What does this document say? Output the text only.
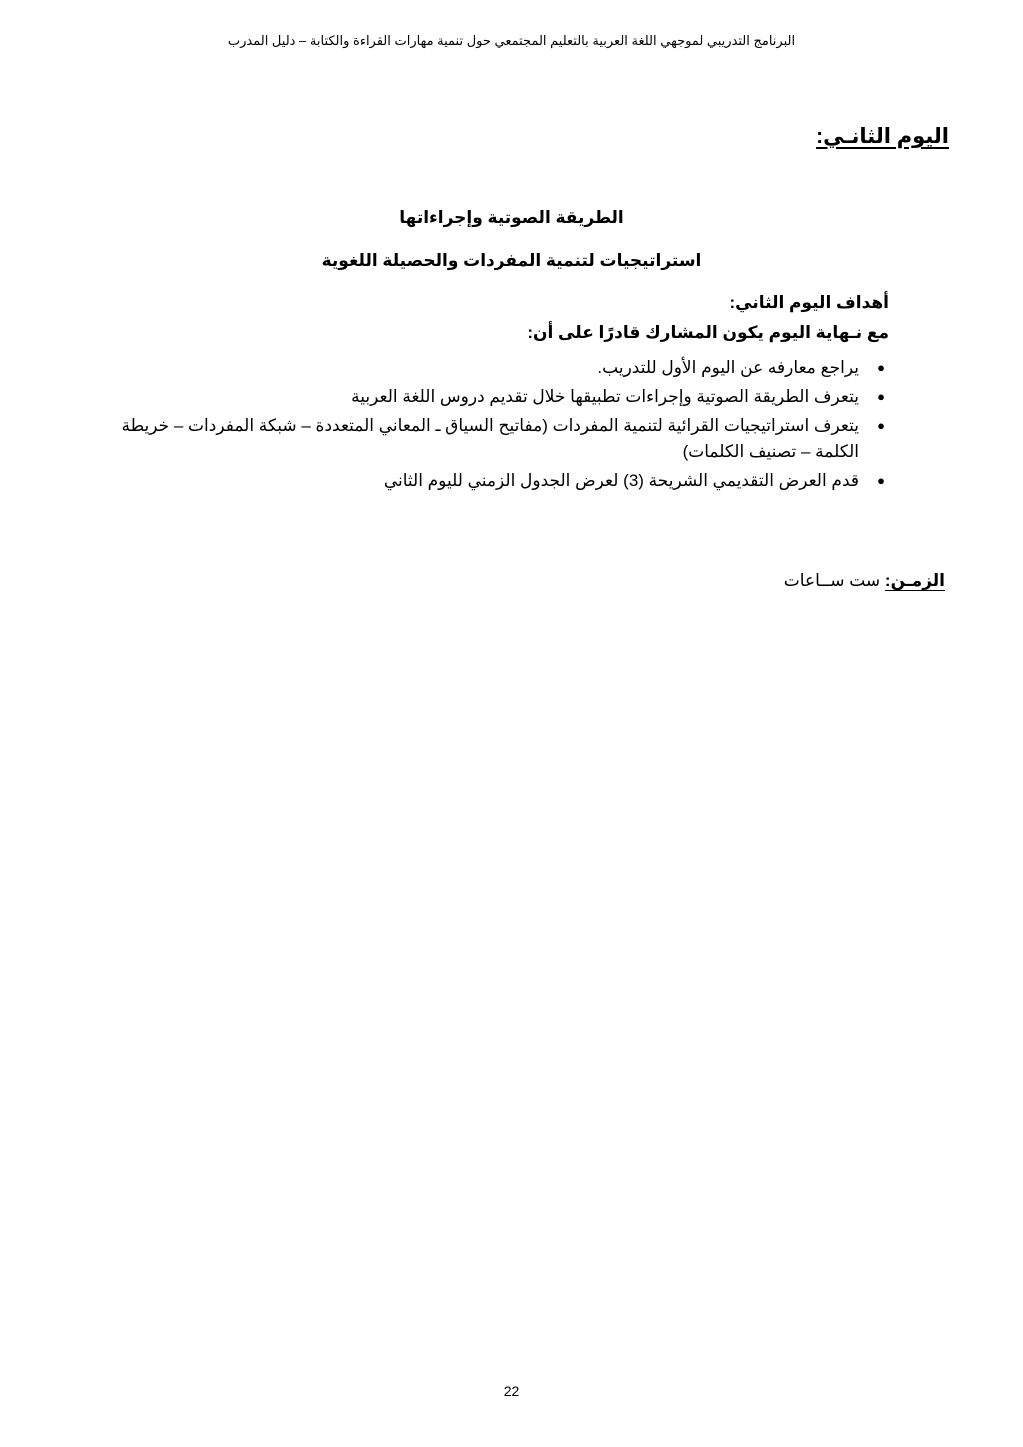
البرنامج التدريبي لموجهي اللغة العربية بالتعليم المجتمعي حول تنمية مهارات القراءة والكتابة – دليل المدرب
اليوم الثانـي:
الطريقة الصوتية وإجراءاتها
استراتيجيات لتنمية المفردات والحصيلة اللغوية
أهداف اليوم الثاني:
مع نـهاية اليوم يكون المشارك قادرًا على أن:
●
يراجع معارفه عن اليوم الأول للتدريب.
●
يتعرف الطريقة الصوتية وإجراءات تطبيقها خلال تقديم دروس اللغة العربية
●
يتعرف استراتيجيات القرائية لتنمية المفردات (مفاتيح السياق ـ المعاني المتعددة – شبكة المفردات – خريطة الكلمة – تصنيف الكلمات)
●
قدم العرض التقديمي الشريحة (3) لعرض الجدول الزمني لليوم الثاني
الزمـن: ست ســاعات
22
